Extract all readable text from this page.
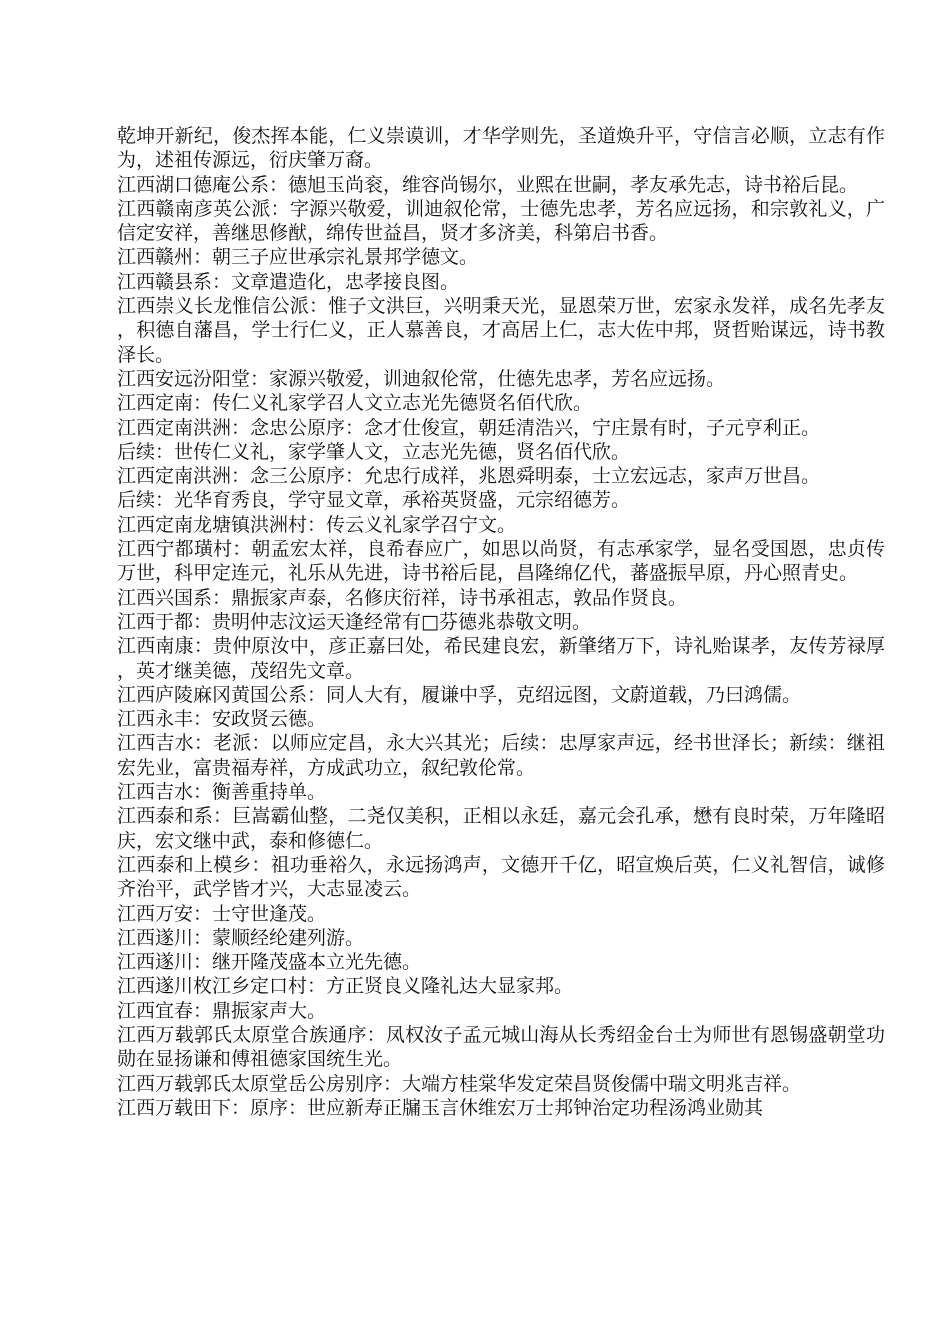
乾坤开新纪，俊杰挥本能，仁义崇谟训，才华学则先，圣道焕升平，守信言必顺，立志有作为，述祖传源远，衍庆肇万裔。

江西湖口德庵公系：德旭玉尚衮，维容尚锡尔，业熙在世嗣，孝友承先志，诗书裕后昆。

江西赣南彦英公派：字源兴敬爱，训迪叙伦常，士德先忠孝，芳名应远扬，和宗敦礼义，广信定安祥，善继思修猷，绵传世益昌，贤才多济美，科第启书香。

江西赣州：朝三子应世承宗礼景邦学德文。

江西赣县系：文章遣造化，忠孝接良图。

江西崇义长龙惟信公派：惟子文洪巨，兴明秉天光，显恩荣万世，宏家永发祥，成名先孝友，积德自藩昌，学士行仁义，正人慕善良，才高居上仁，志大佐中邦，贤哲贻谋远，诗书教泽长。

江西安远汾阳堂：家源兴敬爱，训迪叙伦常，仕德先忠孝，芳名应远扬。

江西定南：传仁义礼家学召人文立志光先德贤名佰代欣。

江西定南洪洲：念忠公原序：念才仕俊宣，朝廷清浩兴，宁庄景有时，子元亨利正。

后续：世传仁义礼，家学肇人文，立志光先德，贤名佰代欣。

江西定南洪洲：念三公原序：允忠行成祥，兆恩舜明泰，士立宏远志，家声万世昌。

后续：光华育秀良，学守显文章，承裕英贤盛，元宗绍德芳。

江西定南龙塘镇洪洲村：传云义礼家学召宁文。

江西宁都璜村：朝孟宏太祥，良希春应广，如思以尚贤，有志承家学，显名受国恩，忠贞传万世，科甲定连元，礼乐从先进，诗书裕后昆，昌隆绵亿代，蕃盛振早原，丹心照青史。

江西兴国系：鼎振家声泰，名修庆衍祥，诗书承祖志，敦品作贤良。

江西于都：贵明仲志汶运天逢经常有□芬德兆恭敬文明。

江西南康：贵仲原汝中，彦正嘉曰处，希民建良宏，新肇绪万下，诗礼贻谋孝，友传芳禄厚，英才继美德，茂绍先文章。

江西庐陵麻冈黄国公系：同人大有，履谦中孚，克绍远图，文蔚道载，乃曰鸿儒。

江西永丰：安政贤云德。

江西吉水：老派：以师应定昌，永大兴其光；后续：忠厚家声远，经书世泽长；新续：继祖宏先业，富贵福寿祥，方成武功立，叙纪敦伦常。

江西吉水：衡善重持单。

江西泰和系：巨嵩霸仙整，二尧仅美积，正相以永廷，嘉元会孔承，懋有良时荣，万年隆昭庆，宏文继中武，泰和修德仁。

江西泰和上模乡：祖功垂裕久，永远扬鸿声，文德开千亿，昭宣焕后英，仁义礼智信，诚修齐治平，武学皆才兴，大志显凌云。

江西万安：士守世逢茂。

江西遂川：蒙顺经纶建列游。

江西遂川：继开隆茂盛本立光先德。

江西遂川枚江乡定口村：方正贤良义隆礼达大显家邦。

江西宜春：鼎振家声大。

江西万载郭氏太原堂合族通序：凤权汝子孟元城山海从长秀绍金台士为师世有恩锡盛朝堂功勋在显扬谦和傅祖德家国统生光。

江西万载郭氏太原堂岳公房别序：大端方桂棠华发定荣昌贤俊儒中瑞文明兆吉祥。

江西万载田下：原序：世应新寿正牖玉言休维宏万士邦钟治定功程汤鸿业勋其
